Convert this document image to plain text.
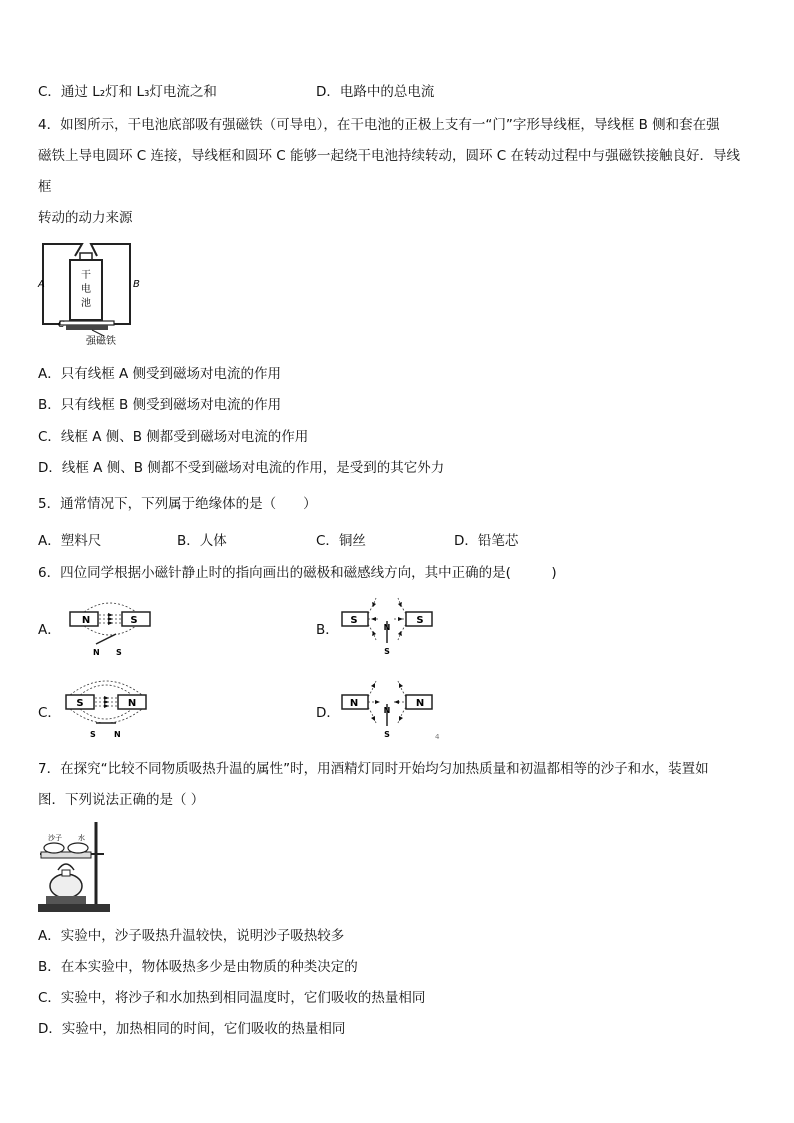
C．通过 L₂灯和 L₃灯电流之和	D．电路中的总电流
4．如图所示，干电池底部吸有强磁铁（可导电），在干电池的正极上支有一“门”字形导线框，导线框 B 侧和套在强
磁铁上导电圆环 C 连接，导线框和圆环 C 能够一起绕干电池持续转动，圆环 C 在转动过程中与强磁铁接触良好．导线
框
转动的动力来源
干
电
池
A	B
C
强磁铁
A．只有线框 A 侧受到磁场对电流的作用
B．只有线框 B 侧受到磁场对电流的作用
C．线框 A 侧、B 侧都受到磁场对电流的作用
D．线框 A 侧、B 侧都不受到磁场对电流的作用，是受到的其它外力
5．通常情况下，下列属于绝缘体的是（　　）
A．塑料尺	B．人体	C．铜丝	D．铅笔芯
6．四位同学根据小磁针静止时的指向画出的磁极和磁感线方向，其中正确的是(　　　)
A．	B．
C．	D．
N	S
N S
S	S
N
S
S	N
S N
N	N
N
S	4
7．在探究“比较不同物质吸热升温的属性”时，用酒精灯同时开始均匀加热质量和初温都相等的沙子和水，装置如
图．下列说法正确的是（ ）
沙子 水
A．实验中，沙子吸热升温较快，说明沙子吸热较多
B．在本实验中，物体吸热多少是由物质的种类决定的
C．实验中，将沙子和水加热到相同温度时，它们吸收的热量相同
D．实验中，加热相同的时间，它们吸收的热量相同
